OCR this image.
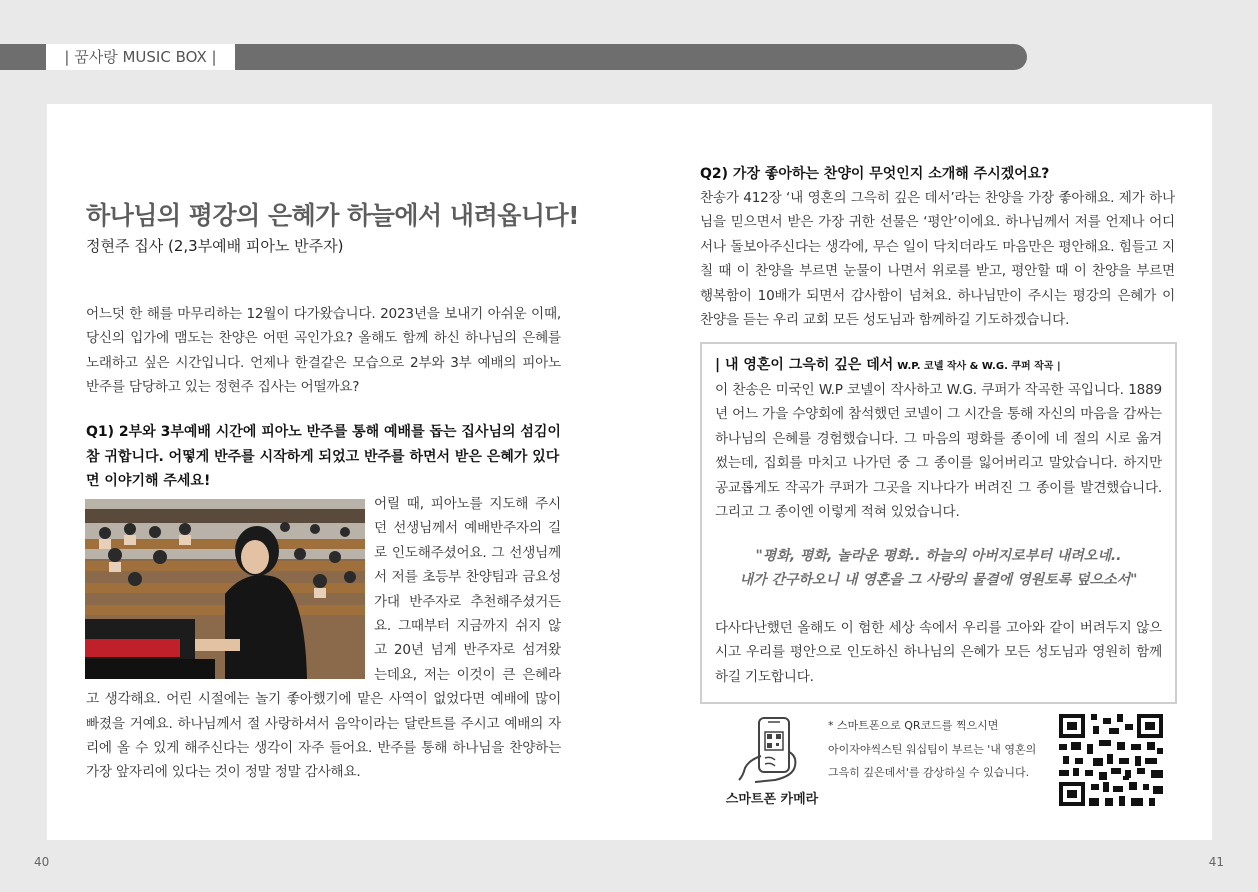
| 꿈사랑 MUSIC BOX |
하나님의 평강의 은혜가 하늘에서 내려옵니다!
정현주 집사 (2,3부예배 피아노 반주자)
어느덧 한 해를 마무리하는 12월이 다가왔습니다. 2023년을 보내기 아쉬운 이때, 당신의 입가에 맴도는 찬양은 어떤 곡인가요? 올해도 함께 하신 하나님의 은혜를 노래하고 싶은 시간입니다. 언제나 한결같은 모습으로 2부와 3부 예배의 피아노 반주를 담당하고 있는 정현주 집사는 어떨까요?
Q1) 2부와 3부예배 시간에 피아노 반주를 통해 예배를 돕는 집사님의 섬김이 참 귀합니다. 어떻게 반주를 시작하게 되었고 반주를 하면서 받은 은혜가 있다면 이야기해 주세요!
어릴 때, 피아노를 지도해 주시던 선생님께서 예배반주자의 길로 인도해주셨어요. 그 선생님께서 저를 초등부 찬양팀과 금요성가대 반주자로 추천해주셨거든요. 그때부터 지금까지 쉬지 않고 20년 넘게 반주자로 섬겨왔는데요, 저는 이것이 큰 은혜라고 생각해요. 어린 시절에는 놀기 좋아했기에 맡은 사역이 없었다면 예배에 많이 빠졌을 거예요. 하나님께서 절 사랑하셔서 음악이라는 달란트를 주시고 예배의 자리에 올 수 있게 해주신다는 생각이 자주 들어요. 반주를 통해 하나님을 찬양하는 가장 앞자리에 있다는 것이 정말 정말 감사해요.
Q2) 가장 좋아하는 찬양이 무엇인지 소개해 주시겠어요?
찬송가 412장 ‘내 영혼의 그윽히 깊은 데서’라는 찬양을 가장 좋아해요. 제가 하나님을 믿으면서 받은 가장 귀한 선물은 ‘평안’이에요. 하나님께서 저를 언제나 어디서나 돌보아주신다는 생각에, 무슨 일이 닥치더라도 마음만은 평안해요. 힘들고 지칠 때 이 찬양을 부르면 눈물이 나면서 위로를 받고, 평안할 때 이 찬양을 부르면 행복함이 10배가 되면서 감사함이 넘쳐요. 하나님만이 주시는 평강의 은혜가 이 찬양을 듣는 우리 교회 모든 성도님과 함께하길 기도하겠습니다.
| 내 영혼이 그윽히 깊은 데서 W.P. 코넬 작사 & W.G. 쿠퍼 작곡 |
이 찬송은 미국인 W.P 코넬이 작사하고 W.G. 쿠퍼가 작곡한 곡입니다. 1889년 어느 가을 수양회에 참석했던 코넬이 그 시간을 통해 자신의 마음을 감싸는 하나님의 은혜를 경험했습니다. 그 마음의 평화를 종이에 네 절의 시로 옮겨 썼는데, 집회를 마치고 나가던 중 그 종이를 잃어버리고 말았습니다. 하지만 공교롭게도 작곡가 쿠퍼가 그곳을 지나다가 버려진 그 종이를 발견했습니다. 그리고 그 종이엔 이렇게 적혀 있었습니다.
"평화, 평화, 놀라운 평화.. 하늘의 아버지로부터 내려오네..
내가 간구하오니 내 영혼을 그 사랑의 물결에 영원토록 덮으소서"
다사다난했던 올해도 이 험한 세상 속에서 우리를 고아와 같이 버려두지 않으시고 우리를 평안으로 인도하신 하나님의 은혜가 모든 성도님과 영원히 함께하길 기도합니다.
스마트폰 카메라
* 스마트폰으로 QR코드를 찍으시면
아이자야씩스틴 워십팀이 부르는 '내 영혼의
그윽히 깊은데서'를 감상하실 수 있습니다.
40	41
